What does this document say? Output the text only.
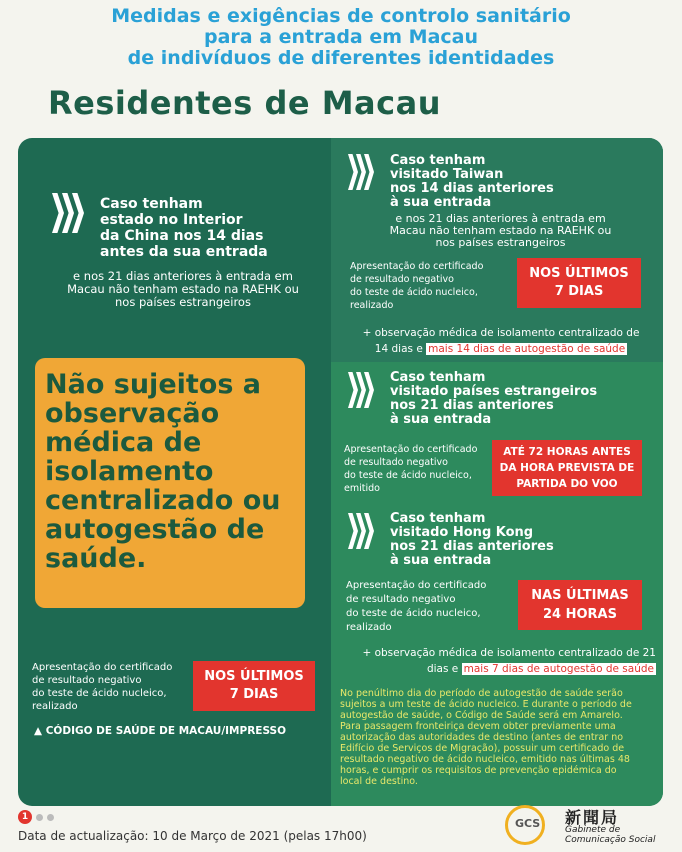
Medidas e exigências de controlo sanitário
para a entrada em Macau
de indivíduos de diferentes identidades
Residentes de Macau
Caso tenham
estado no Interior
da China nos 14 dias
antes da sua entrada
e nos 21 dias anteriores à entrada em
Macau não tenham estado na RAEHK ou
nos países estrangeiros
Não sujeitos a
observação
médica de
isolamento
centralizado ou
autogestão de
saúde.
Apresentação do certificado
de resultado negativo
do teste de ácido nucleico,
realizado
NOS ÚLTIMOS
7 DIAS
▲ CÓDIGO DE SAÚDE DE MACAU/IMPRESSO
Caso tenham
visitado Taiwan
nos 14 dias anteriores
à sua entrada
e nos 21 dias anteriores à entrada em
Macau não tenham estado na RAEHK ou
nos países estrangeiros
Apresentação do certificado
de resultado negativo
do teste de ácido nucleico,
realizado
NOS ÚLTIMOS
7 DIAS
+ observação médica de isolamento centralizado de
14 dias e mais 14 dias de autogestão de saúde
Caso tenham
visitado países estrangeiros
nos 21 dias anteriores
à sua entrada
Apresentação do certificado
de resultado negativo
do teste de ácido nucleico,
emitido
ATÉ 72 HORAS ANTES
DA HORA PREVISTA DE
PARTIDA DO VOO
Caso tenham
visitado Hong Kong
nos 21 dias anteriores
à sua entrada
Apresentação do certificado
de resultado negativo
do teste de ácido nucleico,
realizado
NAS ÚLTIMAS
24 HORAS
+ observação médica de isolamento centralizado de 21
dias e mais 7 dias de autogestão de saúde
No penúltimo dia do período de autogestão de saúde serão
sujeitos a um teste de ácido nucleico. E durante o período de
autogestão de saúde, o Código de Saúde será em Amarelo.
Para passagem fronteiriça devem obter previamente uma
autorização das autoridades de destino (antes de entrar no
Edifício de Serviços de Migração), possuir um certificado de
resultado negativo de ácido nucleico, emitido nas últimas 48
horas, e cumprir os requisitos de prevenção epidémica do
local de destino.
1
Data de actualização: 10 de Março de 2021 (pelas 17h00)
GCS 新聞局
Gabinete de
Comunicação Social
